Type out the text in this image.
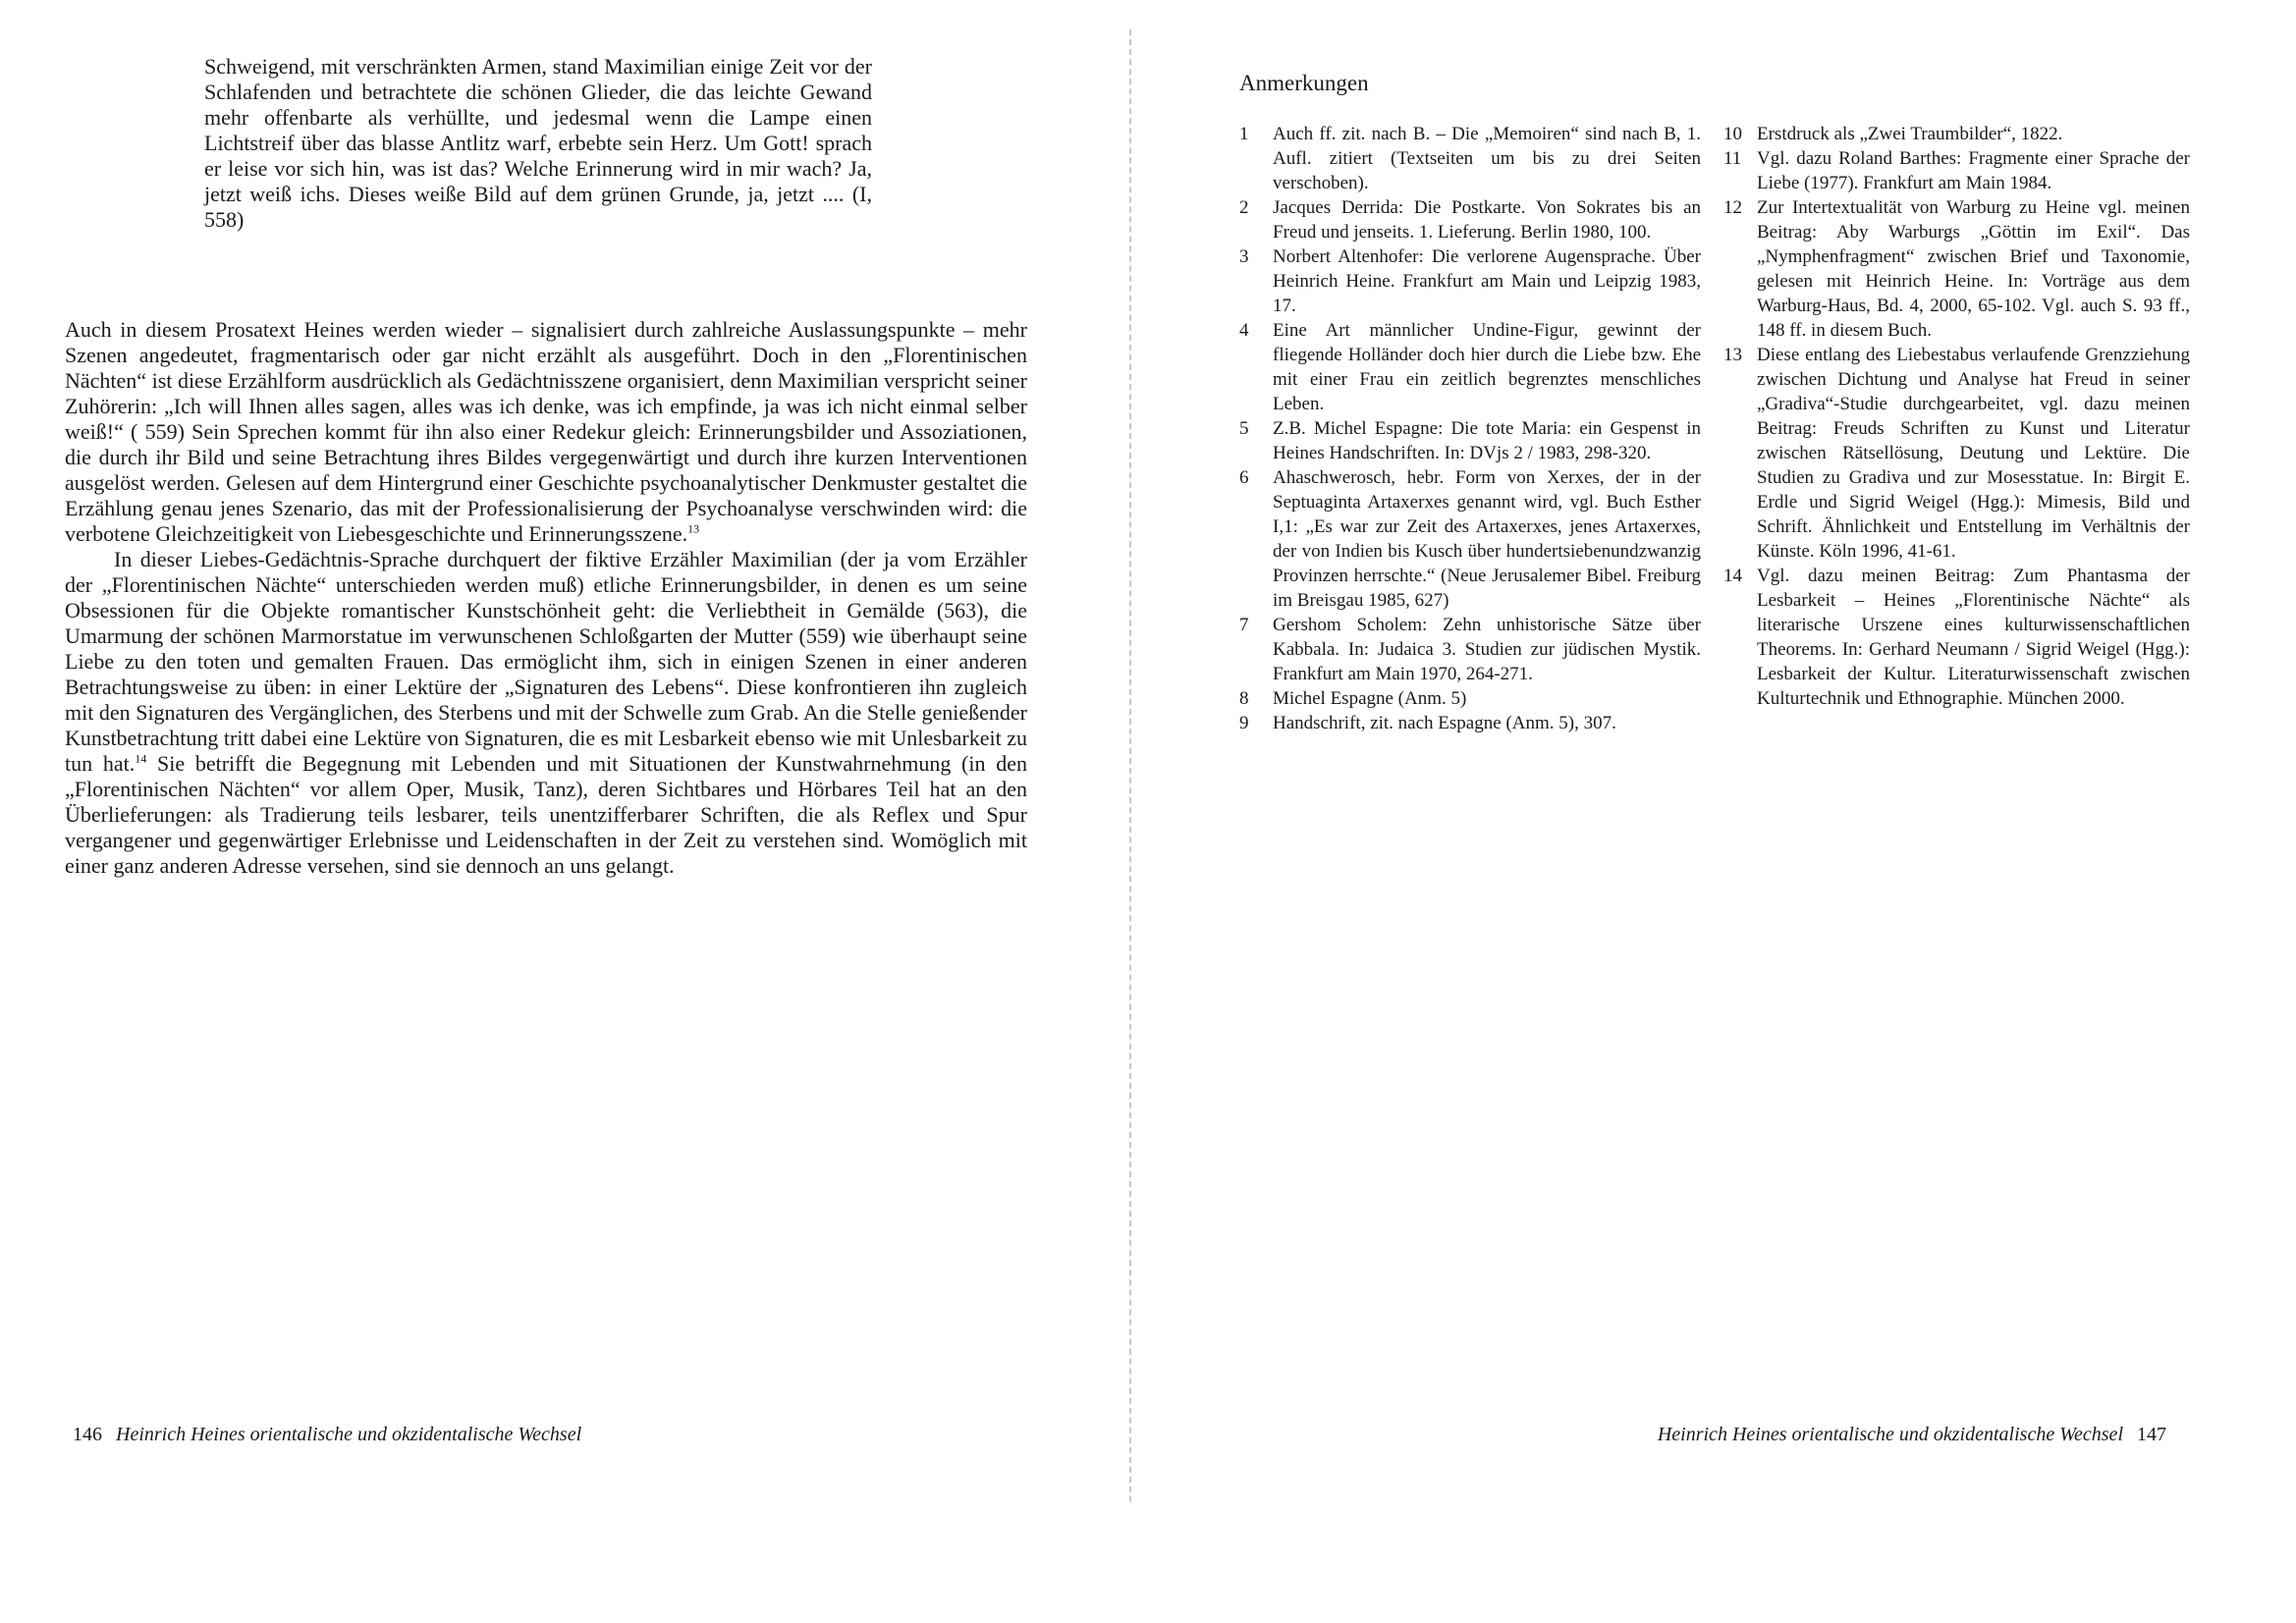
Schweigend, mit verschränkten Armen, stand Maximilian einige Zeit vor der Schlafenden und betrachtete die schönen Glieder, die das leichte Gewand mehr offenbarte als verhüllte, und jedesmal wenn die Lampe einen Lichtstreif über das blasse Antlitz warf, erbebte sein Herz. Um Gott! sprach er leise vor sich hin, was ist das? Welche Erinnerung wird in mir wach? Ja, jetzt weiß ichs. Dieses weiße Bild auf dem grünen Grunde, ja, jetzt .... (I, 558)

Auch in diesem Prosatext Heines werden wieder – signalisiert durch zahlreiche Auslassungspunkte – mehr Szenen angedeutet, fragmentarisch oder gar nicht erzählt als ausgeführt. Doch in den „Florentinischen Nächten“ ist diese Erzählform ausdrücklich als Gedächtnisszene organisiert, denn Maximilian verspricht seiner Zuhörerin: „Ich will Ihnen alles sagen, alles was ich denke, was ich empfinde, ja was ich nicht einmal selber weiß!“ ( 559) Sein Sprechen kommt für ihn also einer Redekur gleich: Erinnerungsbilder und Assoziationen, die durch ihr Bild und seine Betrachtung ihres Bildes vergegenwärtigt und durch ihre kurzen Interventionen ausgelöst werden. Gelesen auf dem Hintergrund einer Geschichte psychoanalytischer Denkmuster gestaltet die Erzählung genau jenes Szenario, das mit der Professionalisierung der Psychoanalyse verschwinden wird: die verbotene Gleichzeitigkeit von Liebesgeschichte und Erinnerungsszene.$^{13}$

In dieser Liebes-Gedächtnis-Sprache durchquert der fiktive Erzähler Maximilian (der ja vom Erzähler der „Florentinischen Nächte“ unterschieden werden muß) etliche Erinnerungsbilder, in denen es um seine Obsessionen für die Objekte romantischer Kunstschönheit geht: die Verliebtheit in Gemälde (563), die Umarmung der schönen Marmorstatue im verwunschenen Schloßgarten der Mutter (559) wie überhaupt seine Liebe zu den toten und gemalten Frauen. Das ermöglicht ihm, sich in einigen Szenen in einer anderen Betrachtungsweise zu üben: in einer Lektüre der „Signaturen des Lebens“. Diese konfrontieren ihn zugleich mit den Signaturen des Vergänglichen, des Sterbens und mit der Schwelle zum Grab. An die Stelle genießender Kunstbetrachtung tritt dabei eine Lektüre von Signaturen, die es mit Lesbarkeit ebenso wie mit Unlesbarkeit zu tun hat.$^{14}$ Sie betrifft die Begegnung mit Lebenden und mit Situationen der Kunstwahrnehmung (in den „Florentinischen Nächten“ vor allem Oper, Musik, Tanz), deren Sichtbares und Hörbares Teil hat an den Überlieferungen: als Tradierung teils lesbarer, teils unentzifferbarer Schriften, die als Reflex und Spur vergangener und gegenwärtiger Erlebnisse und Leidenschaften in der Zeit zu verstehen sind. Womöglich mit einer ganz anderen Adresse versehen, sind sie dennoch an uns gelangt.

146 Heinrich Heines orientalische und okzidentalische Wechsel
Anmerkungen
1	Auch ff. zit. nach B. – Die „Memoiren“ sind nach B, 1. Aufl. zitiert (Textseiten um bis zu drei Seiten verschoben).
2	Jacques Derrida: Die Postkarte. Von Sokrates bis an Freud und jenseits. 1. Lieferung. Berlin 1980, 100.
3	Norbert Altenhofer: Die verlorene Augensprache. Über Heinrich Heine. Frankfurt am Main und Leipzig 1983, 17.
4	Eine Art männlicher Undine-Figur, gewinnt der fliegende Holländer doch hier durch die Liebe bzw. Ehe mit einer Frau ein zeitlich begrenztes menschliches Leben.
5	Z.B. Michel Espagne: Die tote Maria: ein Gespenst in Heines Handschriften. In: DVjs 2 / 1983, 298-320.
6	Ahaschwerosch, hebr. Form von Xerxes, der in der Septuaginta Artaxerxes genannt wird, vgl. Buch Esther I,1: „Es war zur Zeit des Artaxerxes, jenes Artaxerxes, der von Indien bis Kusch über hundertsiebenundzwanzig Provinzen herrschte.“ (Neue Jerusalemer Bibel. Freiburg im Breisgau 1985, 627)
7	Gershom Scholem: Zehn unhistorische Sätze über Kabbala. In: Judaica 3. Studien zur jüdischen Mystik. Frankfurt am Main 1970, 264-271.
8	Michel Espagne (Anm. 5)
9	Handschrift, zit. nach Espagne (Anm. 5), 307.
10 Erstdruck als „Zwei Traumbilder“, 1822.
11 Vgl. dazu Roland Barthes: Fragmente einer Sprache der Liebe (1977). Frankfurt am Main 1984.
12 Zur Intertextualität von Warburg zu Heine vgl. meinen Beitrag: Aby Warburgs „Göttin im Exil“. Das „Nymphenfragment“ zwischen Brief und Taxonomie, gelesen mit Heinrich Heine. In: Vorträge aus dem Warburg-Haus, Bd. 4, 2000, 65-102. Vgl. auch S. 93 ff., 148 ff. in diesem Buch.
13 Diese entlang des Liebestabus verlaufende Grenzziehung zwischen Dichtung und Analyse hat Freud in seiner „Gradiva“-Studie durchgearbeitet, vgl. dazu meinen Beitrag: Freuds Schriften zu Kunst und Literatur zwischen Rätsellösung, Deutung und Lektüre. Die Studien zu Gradiva und zur Mosesstatue. In: Birgit E. Erdle und Sigrid Weigel (Hgg.): Mimesis, Bild und Schrift. Ähnlichkeit und Entstellung im Verhältnis der Künste. Köln 1996, 41-61.
14 Vgl. dazu meinen Beitrag: Zum Phantasma der Lesbarkeit – Heines „Florentinische Nächte“ als literarische Urszene eines kulturwissenschaftlichen Theorems. In: Gerhard Neumann / Sigrid Weigel (Hgg.): Lesbarkeit der Kultur. Literaturwissenschaft zwischen Kulturtechnik und Ethnographie. München 2000.
Heinrich Heines orientalische und okzidentalische Wechsel 147
